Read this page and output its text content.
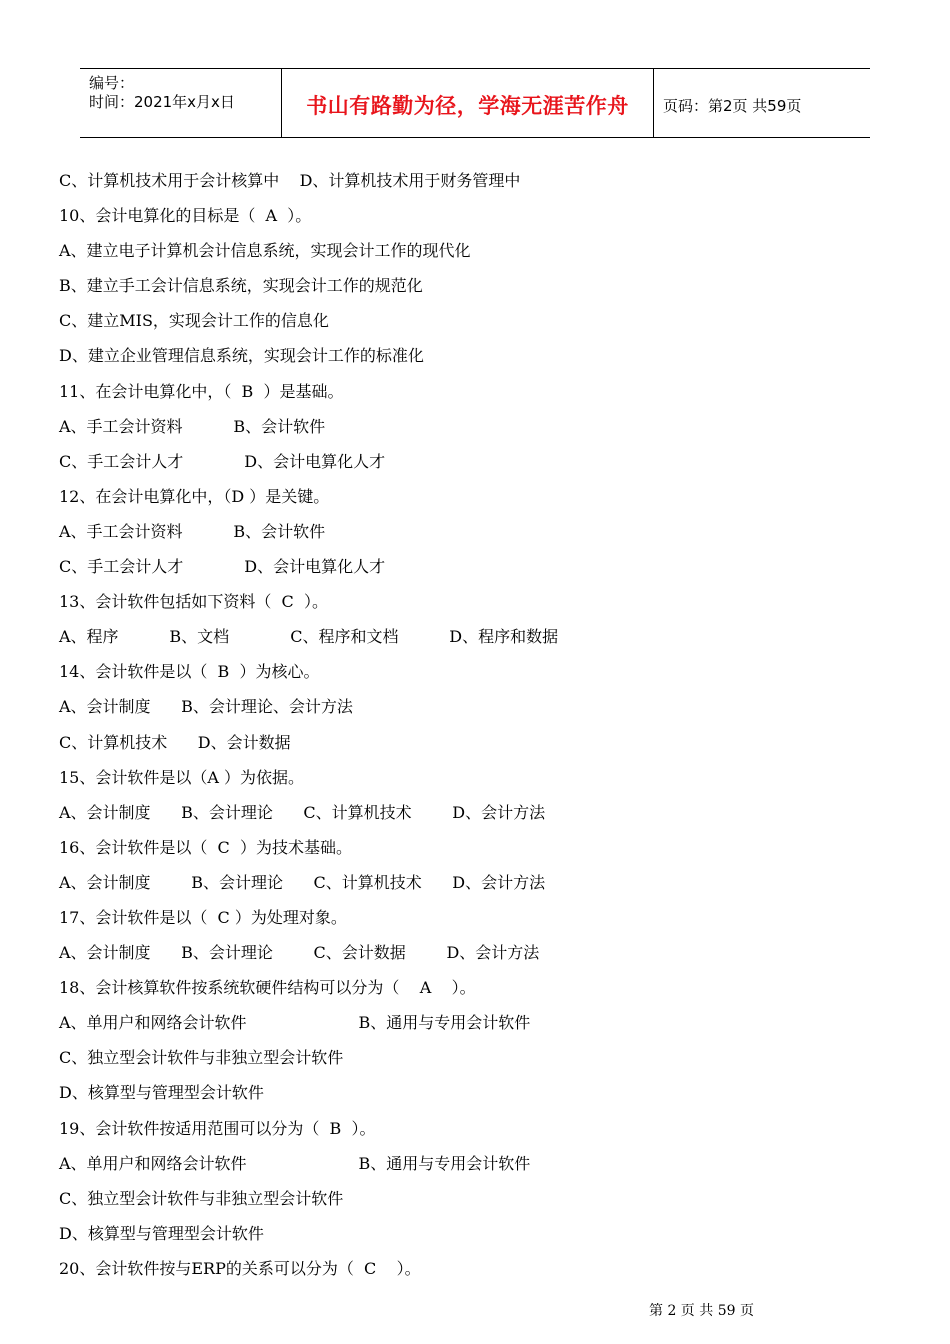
编号：
时间：2021年x月x日	书山有路勤为径，学海无涯苦作舟 页码：第2页 共59页
C、计算机技术用于会计核算中    D、计算机技术用于财务管理中
10、会计电算化的目标是（  A  ）。
A、建立电子计算机会计信息系统，实现会计工作的现代化
B、建立手工会计信息系统，实现会计工作的规范化
C、建立MIS，实现会计工作的信息化
D、建立企业管理信息系统，实现会计工作的标准化
11、在会计电算化中，（  B  ）是基础。
A、手工会计资料          B、会计软件
C、手工会计人才            D、会计电算化人才
12、在会计电算化中，（D ）是关键。
A、手工会计资料          B、会计软件
C、手工会计人才            D、会计电算化人才
13、会计软件包括如下资料（  C  ）。
A、程序          B、文档            C、程序和文档          D、程序和数据
14、会计软件是以（  B  ）为核心。
A、会计制度      B、会计理论、会计方法
C、计算机技术      D、会计数据
15、会计软件是以（A ）为依据。
A、会计制度      B、会计理论      C、计算机技术        D、会计方法
16、会计软件是以（  C  ）为技术基础。
A、会计制度        B、会计理论      C、计算机技术      D、会计方法
17、会计软件是以（  C ）为处理对象。
A、会计制度      B、会计理论        C、会计数据        D、会计方法
18、会计核算软件按系统软硬件结构可以分为（    A    ）。
A、单用户和网络会计软件                      B、通用与专用会计软件
C、独立型会计软件与非独立型会计软件
D、核算型与管理型会计软件
19、会计软件按适用范围可以分为（  B  ）。
A、单用户和网络会计软件                      B、通用与专用会计软件
C、独立型会计软件与非独立型会计软件
D、核算型与管理型会计软件
20、会计软件按与ERP的关系可以分为（  C    ）。
第 2 页 共 59 页
